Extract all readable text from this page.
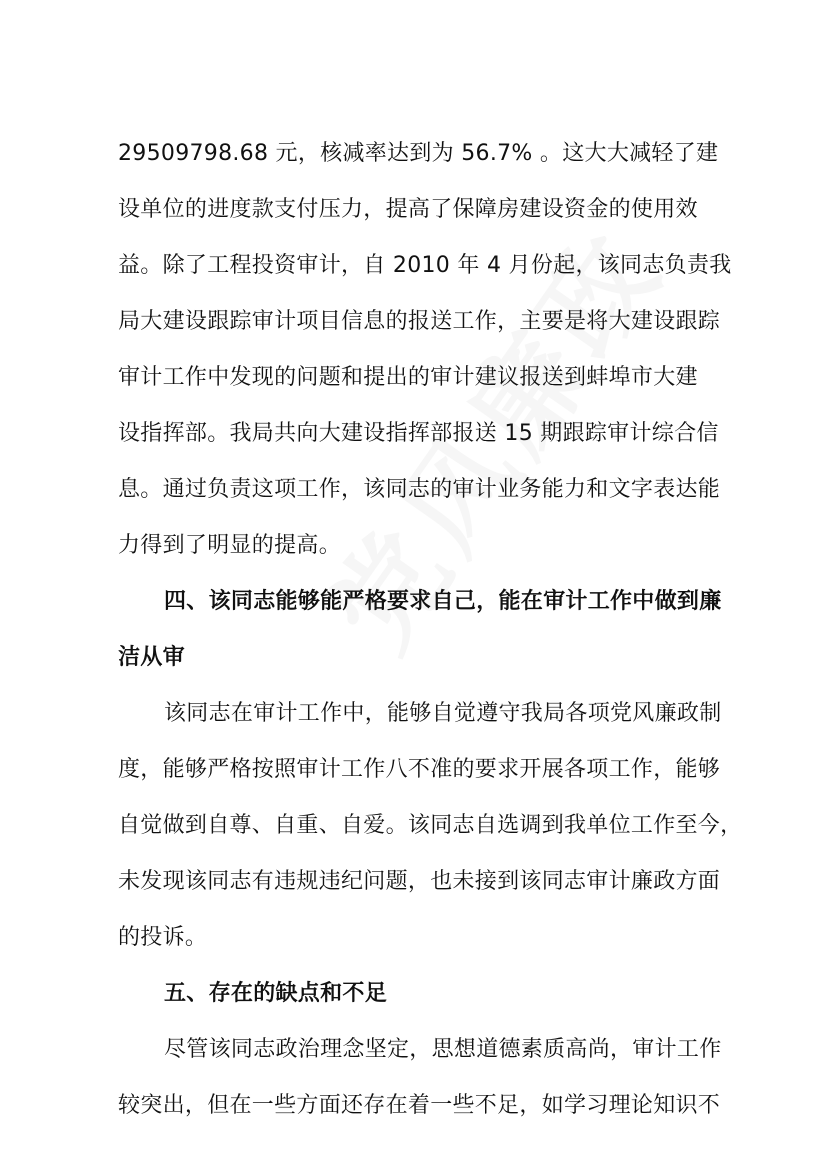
29509798.68 元，核减率达到为 56.7% 。这大大减轻了建
设单位的进度款支付压力，提高了保障房建设资金的使用效
益。除了工程投资审计，自 2010 年 4 月份起，该同志负责我
局大建设跟踪审计项目信息的报送工作，主要是将大建设跟踪
审计工作中发现的问题和提出的审计建议报送到蚌埠市大建
设指挥部。我局共向大建设指挥部报送 15 期跟踪审计综合信
息。通过负责这项工作，该同志的审计业务能力和文字表达能
力得到了明显的提高。
四、该同志能够能严格要求自己，能在审计工作中做到廉
洁从审
该同志在审计工作中，能够自觉遵守我局各项党风廉政制
度，能够严格按照审计工作八不准的要求开展各项工作，能够
自觉做到自尊、自重、自爱。该同志自选调到我单位工作至今，
未发现该同志有违规违纪问题，也未接到该同志审计廉政方面
的投诉。
五、存在的缺点和不足
尽管该同志政治理念坚定，思想道德素质高尚，审计工作
较突出，但在一些方面还存在着一些不足，如学习理论知识不
